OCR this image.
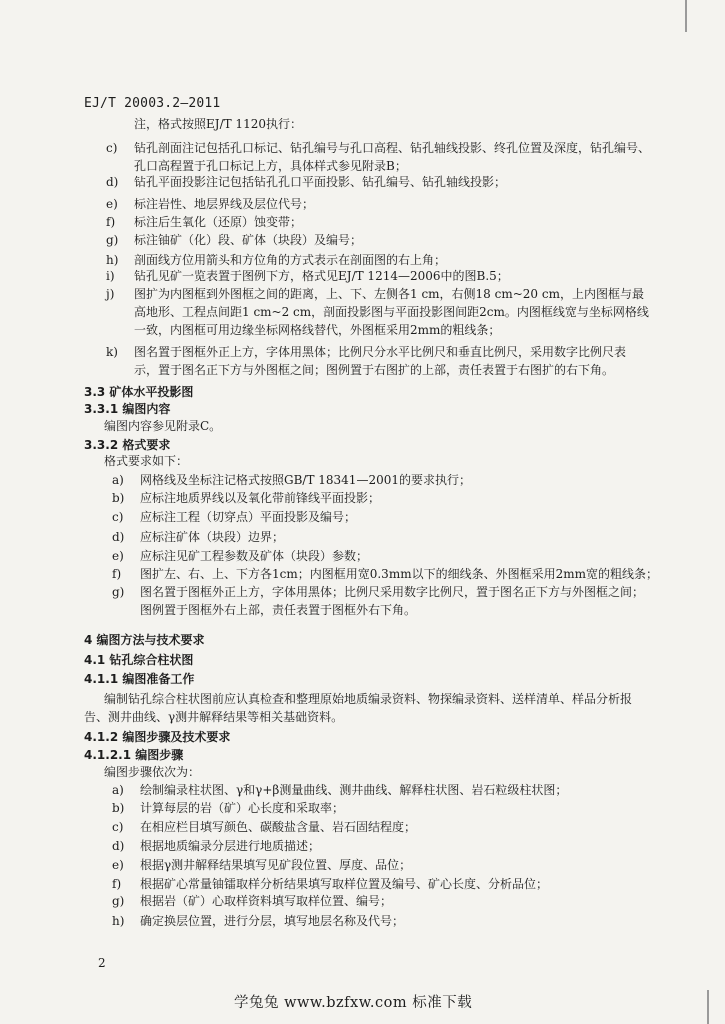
EJ/T 20003.2—2011
注，格式按照EJ/T 1120执行：
c) 钻孔剖面注记包括孔口标记、钻孔编号与孔口高程、钻孔轴线投影、终孔位置及深度，钻孔编号、
孔口高程置于孔口标记上方，具体样式参见附录B；
d) 钻孔平面投影注记包括钻孔孔口平面投影、钻孔编号、钻孔轴线投影；
e) 标注岩性、地层界线及层位代号；
f) 标注后生氧化（还原）蚀变带；
g) 标注铀矿（化）段、矿体（块段）及编号；
h) 剖面线方位用箭头和方位角的方式表示在剖面图的右上角；
i) 钻孔见矿一览表置于图例下方，格式见EJ/T 1214—2006中的图B.5；
j) 图扩为内图框到外图框之间的距离，上、下、左侧各1 cm，右侧18 cm~20 cm，上内图框与最
高地形、工程点间距1 cm~2 cm，剖面投影图与平面投影图间距2cm。内图框线宽与坐标网格线
一致，内图框可用边缘坐标网格线替代，外图框采用2mm的粗线条；
k) 图名置于图框外正上方，字体用黑体；比例尺分水平比例尺和垂直比例尺，采用数字比例尺表
示，置于图名正下方与外图框之间；图例置于右图扩的上部，责任表置于右图扩的右下角。
3.3 矿体水平投影图
3.3.1 编图内容
编图内容参见附录C。
3.3.2 格式要求
格式要求如下：
a) 网格线及坐标注记格式按照GB/T 18341—2001的要求执行；
b) 应标注地质界线以及氧化带前锋线平面投影；
c) 应标注工程（切穿点）平面投影及编号；
d) 应标注矿体（块段）边界；
e) 应标注见矿工程参数及矿体（块段）参数；
f) 图扩左、右、上、下方各1cm；内图框用宽0.3mm以下的细线条、外图框采用2mm宽的粗线条；
g) 图名置于图框外正上方，字体用黑体；比例尺采用数字比例尺，置于图名正下方与外图框之间；
图例置于图框外右上部，责任表置于图框外右下角。
4 编图方法与技术要求
4.1 钻孔综合柱状图
4.1.1 编图准备工作
编制钻孔综合柱状图前应认真检查和整理原始地质编录资料、物探编录资料、送样清单、样品分析报
告、测井曲线、γ测井解释结果等相关基础资料。
4.1.2 编图步骤及技术要求
4.1.2.1 编图步骤
编图步骤依次为：
a) 绘制编录柱状图、γ和γ+β测量曲线、测井曲线、解释柱状图、岩石粒级柱状图；
b) 计算每层的岩（矿）心长度和采取率；
c) 在相应栏目填写颜色、碳酸盐含量、岩石固结程度；
d) 根据地质编录分层进行地质描述；
e) 根据γ测井解释结果填写见矿段位置、厚度、品位；
f) 根据矿心常量铀镭取样分析结果填写取样位置及编号、矿心长度、分析品位；
g) 根据岩（矿）心取样资料填写取样位置、编号；
h) 确定换层位置，进行分层，填写地层名称及代号；
2
学兔兔 www.bzfxw.com 标准下载
